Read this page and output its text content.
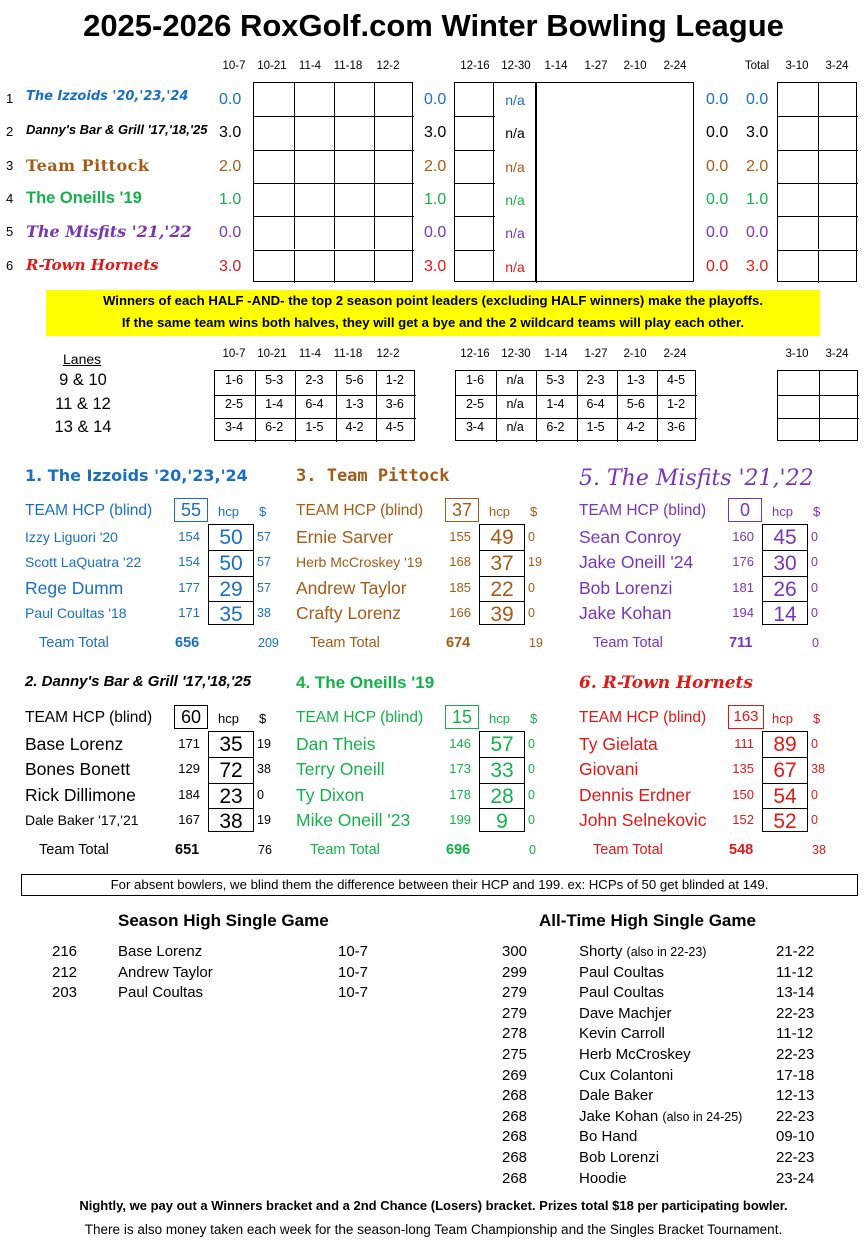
2025-2026 RoxGolf.com Winter Bowling League
10-7	10-21	11-4	11-18	12-2	12-16	12-30	1-14	1-27	2-10	2-24	Total	3-10	3-24
1 The Izzoids '20,'23,'24 0.0	0.0	n/a	0.0 0.0
2 Danny's Bar & Grill '17,'18,'25 3.0	3.0	n/a	0.0 3.0
3 Team Pittock	2.0	2.0	n/a	0.0 2.0
4 The Oneills '19	1.0	1.0	n/a	0.0 1.0
5 The Misfits '21,'22 0.0	0.0	n/a	0.0 0.0
6 R-Town Hornets	3.0	3.0	n/a	0.0 3.0
Winners of each HALF -AND- the top 2 season point leaders (excluding HALF winners) make the playoffs.
If the same team wins both halves, they will get a bye and the 2 wildcard teams will play each other.
Lanes	10-7	10-21	11-4	11-18	12-2	12-16	12-30	1-14	1-27	2-10	2-24	3-10	3-24
9 & 10	1-6	5-3	2-3	5-6	1-2	1-6	n/a	5-3	2-3	1-3	4-5
11 & 12	2-5	1-4	6-4	1-3	3-6	2-5	n/a	1-4	6-4	5-6	1-2
13 & 14	3-4	6-2	1-5	4-2	4-5	3-4	n/a	6-2	1-5	4-2	3-6
1. The Izzoids '20,'23,'24
TEAM HCP (blind)	55	hcp $
Izzy Liguori '20	154 50	57
Scott LaQuatra '22	154 50	57
Rege Dumm	177 29	57
Paul Coultas '18	171 35	38
Team Total	656	209
3. Team Pittock
TEAM HCP (blind)	37	hcp $
Ernie Sarver	155 49	0
Herb McCroskey '19	168 37	19
Andrew Taylor	185 22	0
Crafty Lorenz	166 39	0
Team Total	674	19
5. The Misfits '21,'22
TEAM HCP (blind)	0	hcp $
Sean Conroy	160 45	0
Jake Oneill '24	176 30	0
Bob Lorenzi	181 26	0
Jake Kohan	194 14	0
Team Total	711	0
2. Danny's Bar & Grill '17,'18,'25
TEAM HCP (blind)	60	hcp $
Base Lorenz	171 35	19
Bones Bonett	129 72	38
Rick Dillimone	184 23	0
Dale Baker '17,'21	167 38	19
Team Total	651	76
4. The Oneills '19
TEAM HCP (blind)	15	hcp $
Dan Theis	146 57	0
Terry Oneill	173 33	0
Ty Dixon	178 28	0
Mike Oneill '23	199	9	0
Team Total	696	0
6. R-Town Hornets
TEAM HCP (blind)	163	hcp $
Ty Gielata	111 89	0
Giovani	135 67	38
Dennis Erdner	150 54	0
John Selnekovic	152 52	0
Team Total	548	38
For absent bowlers, we blind them the difference between their HCP and 199. ex: HCPs of 50 get blinded at 149.
Season High Single Game
216	Base Lorenz	10-7
212	Andrew Taylor	10-7
203	Paul Coultas	10-7
All-Time High Single Game
300	Shorty (also in 22-23)	21-22
299	Paul Coultas	11-12
279	Paul Coultas	13-14
279	Dave Machjer	22-23
278	Kevin Carroll	11-12
275	Herb McCroskey	22-23
269	Cux Colantoni	17-18
268	Dale Baker	12-13
268	Jake Kohan (also in 24-25) 22-23
268	Bo Hand	09-10
268	Bob Lorenzi	22-23
268	Hoodie	23-24
Nightly, we pay out a Winners bracket and a 2nd Chance (Losers) bracket. Prizes total $18 per participating bowler.
There is also money taken each week for the season-long Team Championship and the Singles Bracket Tournament.
